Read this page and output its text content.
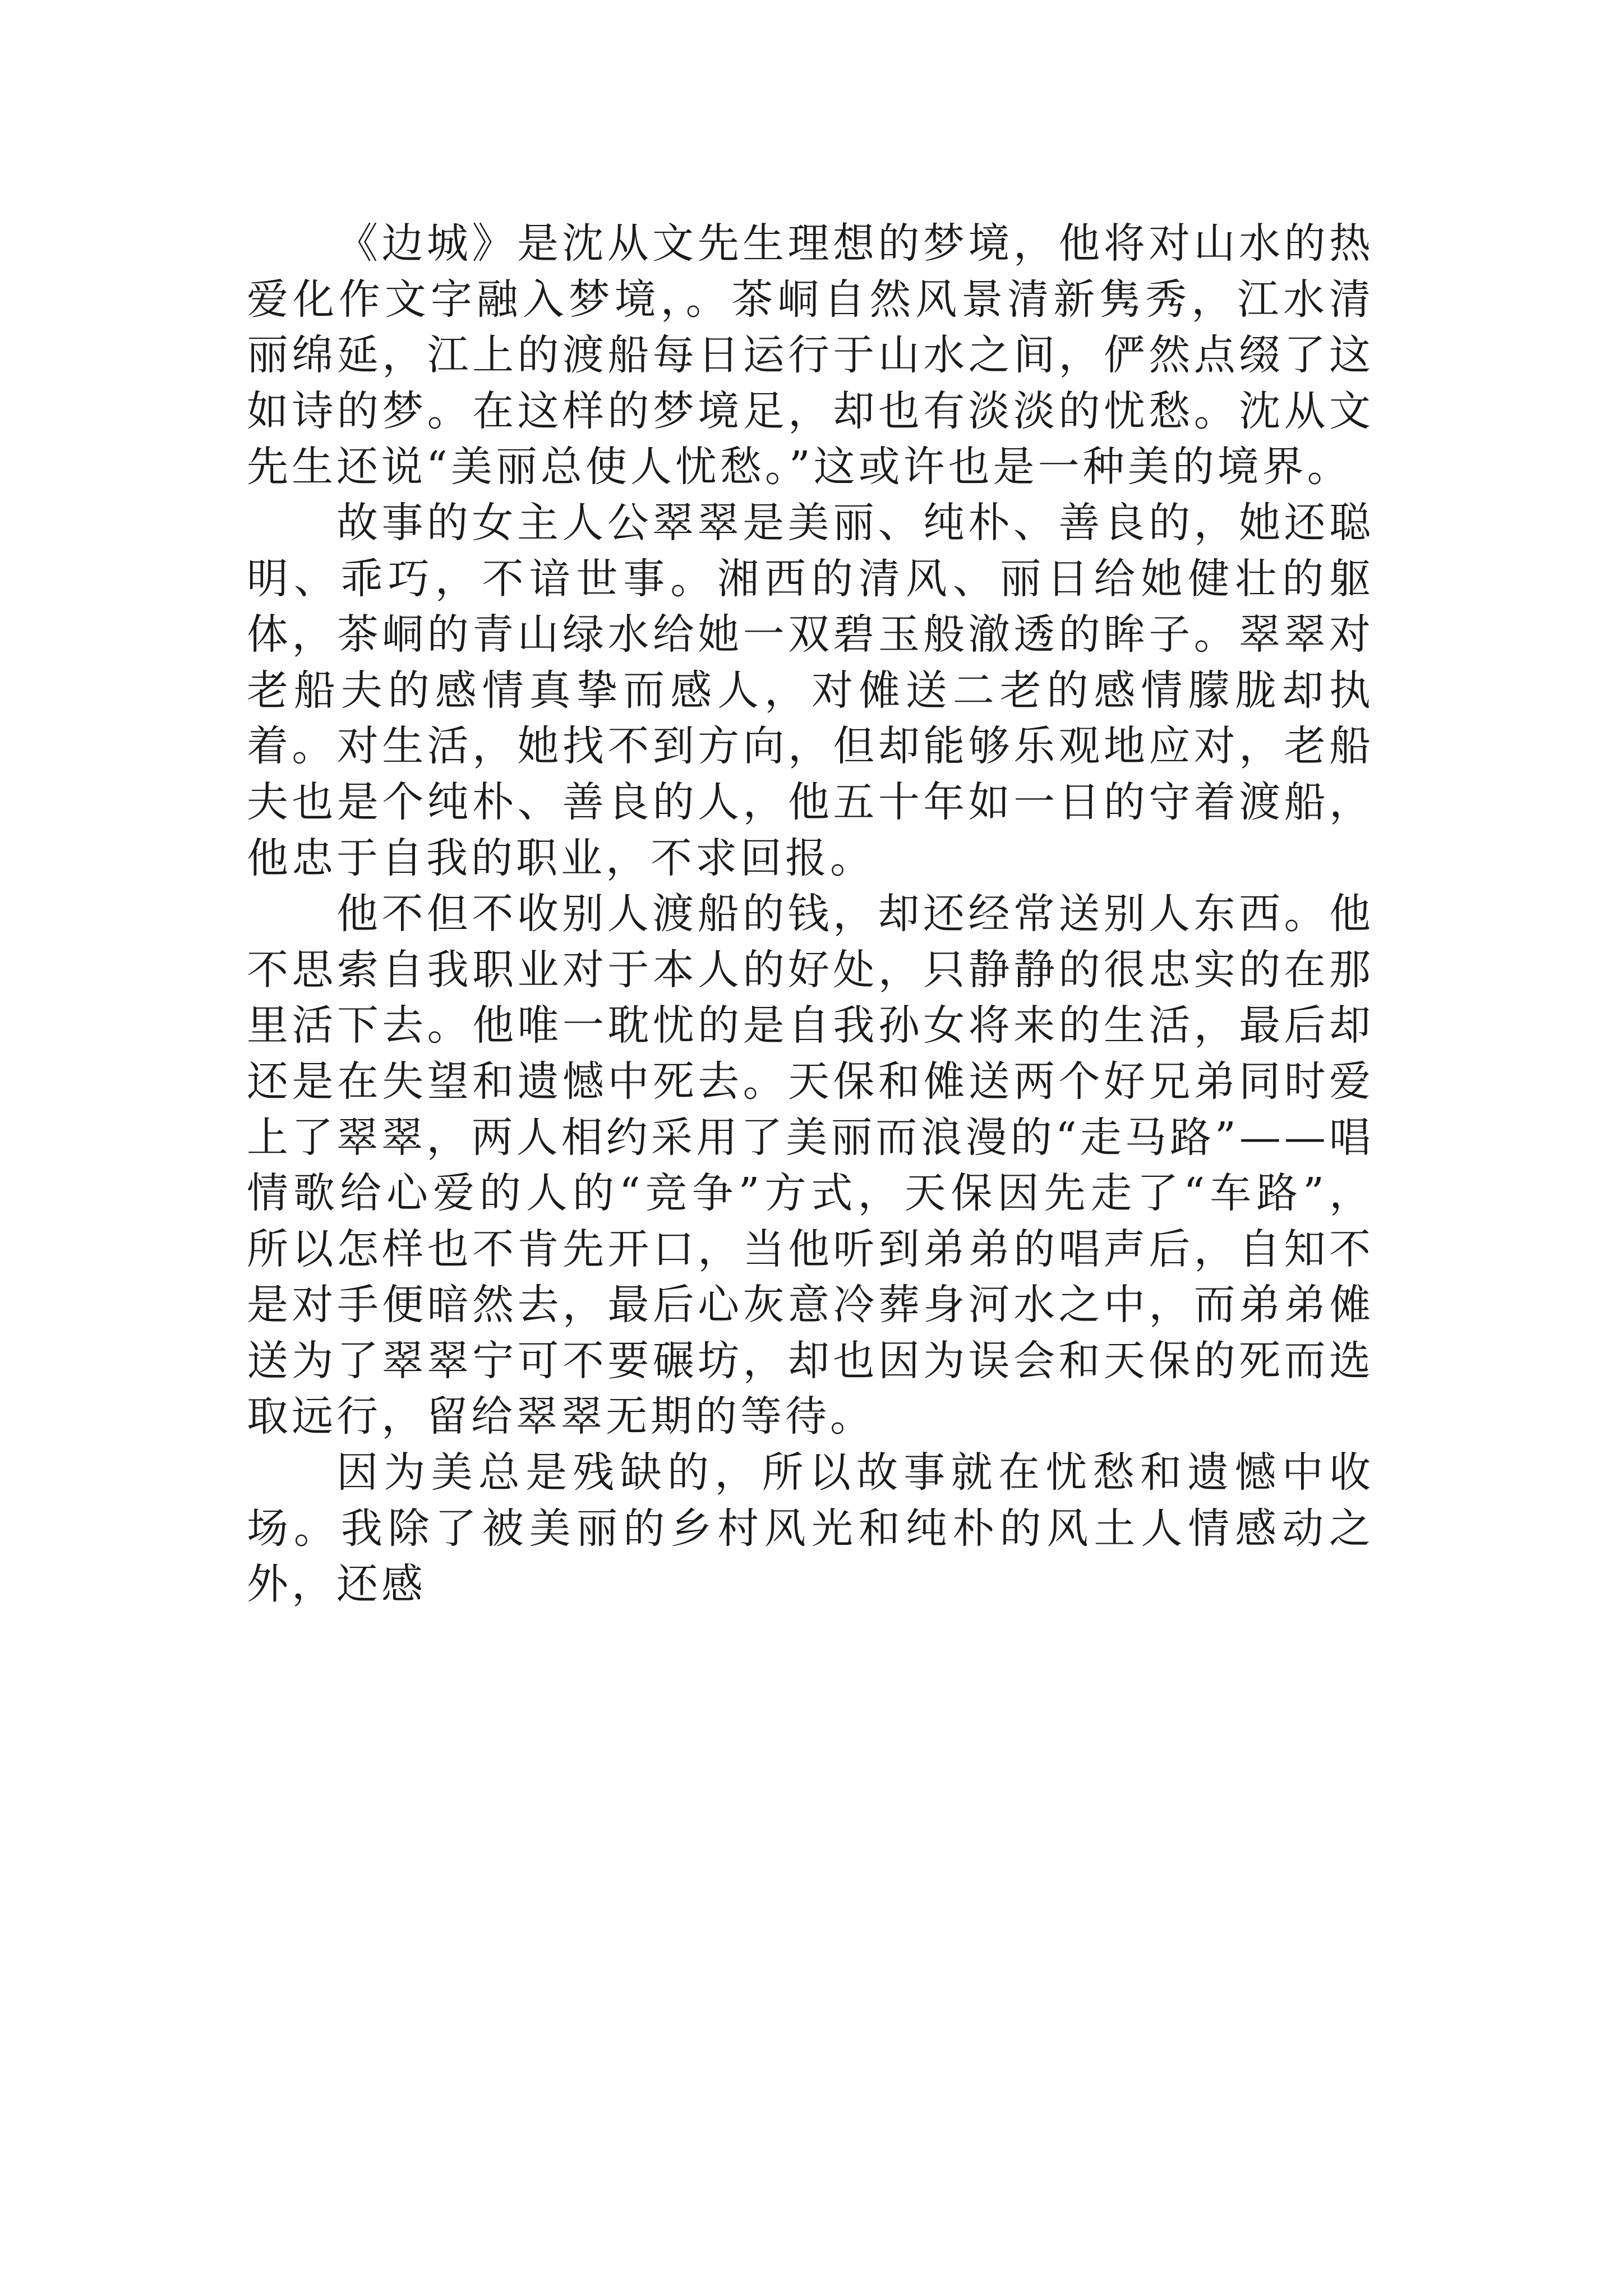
《边城》是沈从文先生理想的梦境，他将对山水的热爱化作文字融入梦境，。茶峒自然风景清新隽秀，江水清丽绵延，江上的渡船每日运行于山水之间，俨然点缀了这如诗的梦。在这样的梦境足，却也有淡淡的忧愁。沈从文先生还说“美丽总使人忧愁。”这或许也是一种美的境界。

故事的女主人公翠翠是美丽、纯朴、善良的，她还聪明、乖巧，不谙世事。湘西的清风、丽日给她健壮的躯体，茶峒的青山绿水给她一双碧玉般澈透的眸子。翠翠对老船夫的感情真挚而感人，对傩送二老的感情朦胧却执着。对生活，她找不到方向，但却能够乐观地应对，老船夫也是个纯朴、善良的人，他五十年如一日的守着渡船，他忠于自我的职业，不求回报。

他不但不收别人渡船的钱，却还经常送别人东西。他不思索自我职业对于本人的好处，只静静的很忠实的在那里活下去。他唯一耽忧的是自我孙女将来的生活，最后却还是在失望和遗憾中死去。天保和傩送两个好兄弟同时爱上了翠翠，两人相约采用了美丽而浪漫的“走马路”——唱情歌给心爱的人的“竞争”方式，天保因先走了“车路”，所以怎样也不肯先开口，当他听到弟弟的唱声后，自知不是对手便暗然去，最后心灰意冷葬身河水之中，而弟弟傩送为了翠翠宁可不要碾坊，却也因为误会和天保的死而选取远行，留给翠翠无期的等待。

因为美总是残缺的，所以故事就在忧愁和遗憾中收场。我除了被美丽的乡村风光和纯朴的风土人情感动之外，还感
